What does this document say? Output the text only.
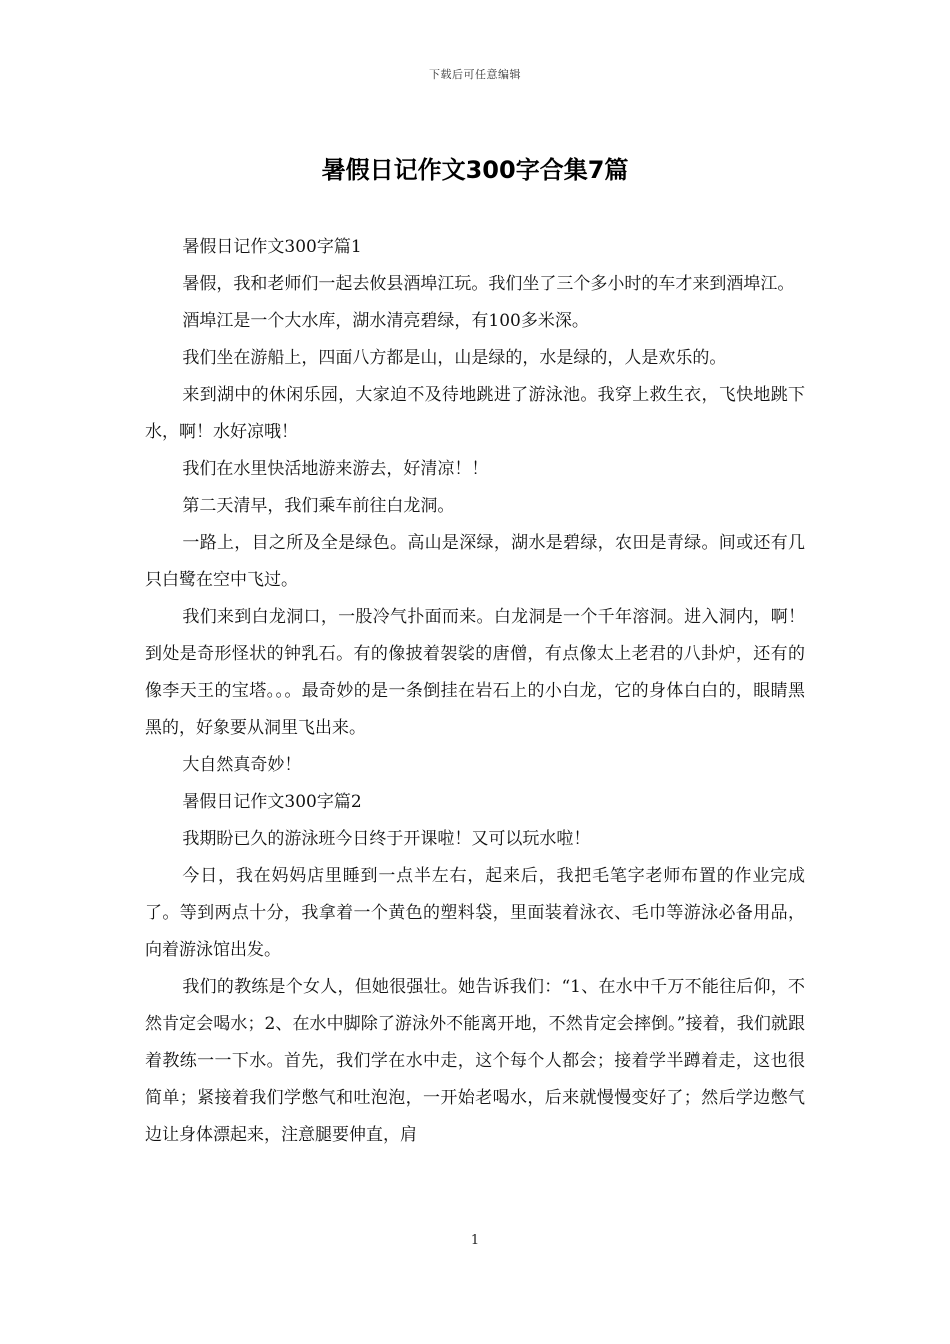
下载后可任意编辑
暑假日记作文300字合集7篇

暑假日记作文300字篇1

暑假，我和老师们一起去攸县酒埠江玩。我们坐了三个多小时的车才来到酒埠江。

酒埠江是一个大水库，湖水清亮碧绿，有100多米深。

我们坐在游船上，四面八方都是山，山是绿的，水是绿的，人是欢乐的。

来到湖中的休闲乐园，大家迫不及待地跳进了游泳池。我穿上救生衣，飞快地跳下水，啊！水好凉哦！

我们在水里快活地游来游去，好清凉！！

第二天清早，我们乘车前往白龙洞。

一路上，目之所及全是绿色。高山是深绿，湖水是碧绿，农田是青绿。间或还有几只白鹭在空中飞过。

我们来到白龙洞口，一股冷气扑面而来。白龙洞是一个千年溶洞。进入洞内，啊！到处是奇形怪状的钟乳石。有的像披着袈裟的唐僧，有点像太上老君的八卦炉，还有的像李天王的宝塔。。。最奇妙的是一条倒挂在岩石上的小白龙，它的身体白白的，眼睛黑黑的，好象要从洞里飞出来。

大自然真奇妙！

暑假日记作文300字篇2

我期盼已久的游泳班今日终于开课啦！又可以玩水啦！

今日，我在妈妈店里睡到一点半左右，起来后，我把毛笔字老师布置的作业完成了。等到两点十分，我拿着一个黄色的塑料袋，里面装着泳衣、毛巾等游泳必备用品，向着游泳馆出发。

我们的教练是个女人，但她很强壮。她告诉我们：“1、在水中千万不能往后仰，不然肯定会喝水；2、在水中脚除了游泳外不能离开地，不然肯定会摔倒。”接着，我们就跟着教练一一下水。首先，我们学在水中走，这个每个人都会；接着学半蹲着走，这也很简单；紧接着我们学憋气和吐泡泡，一开始老喝水，后来就慢慢变好了；然后学边憋气边让身体漂起来，注意腿要伸直，肩

1
